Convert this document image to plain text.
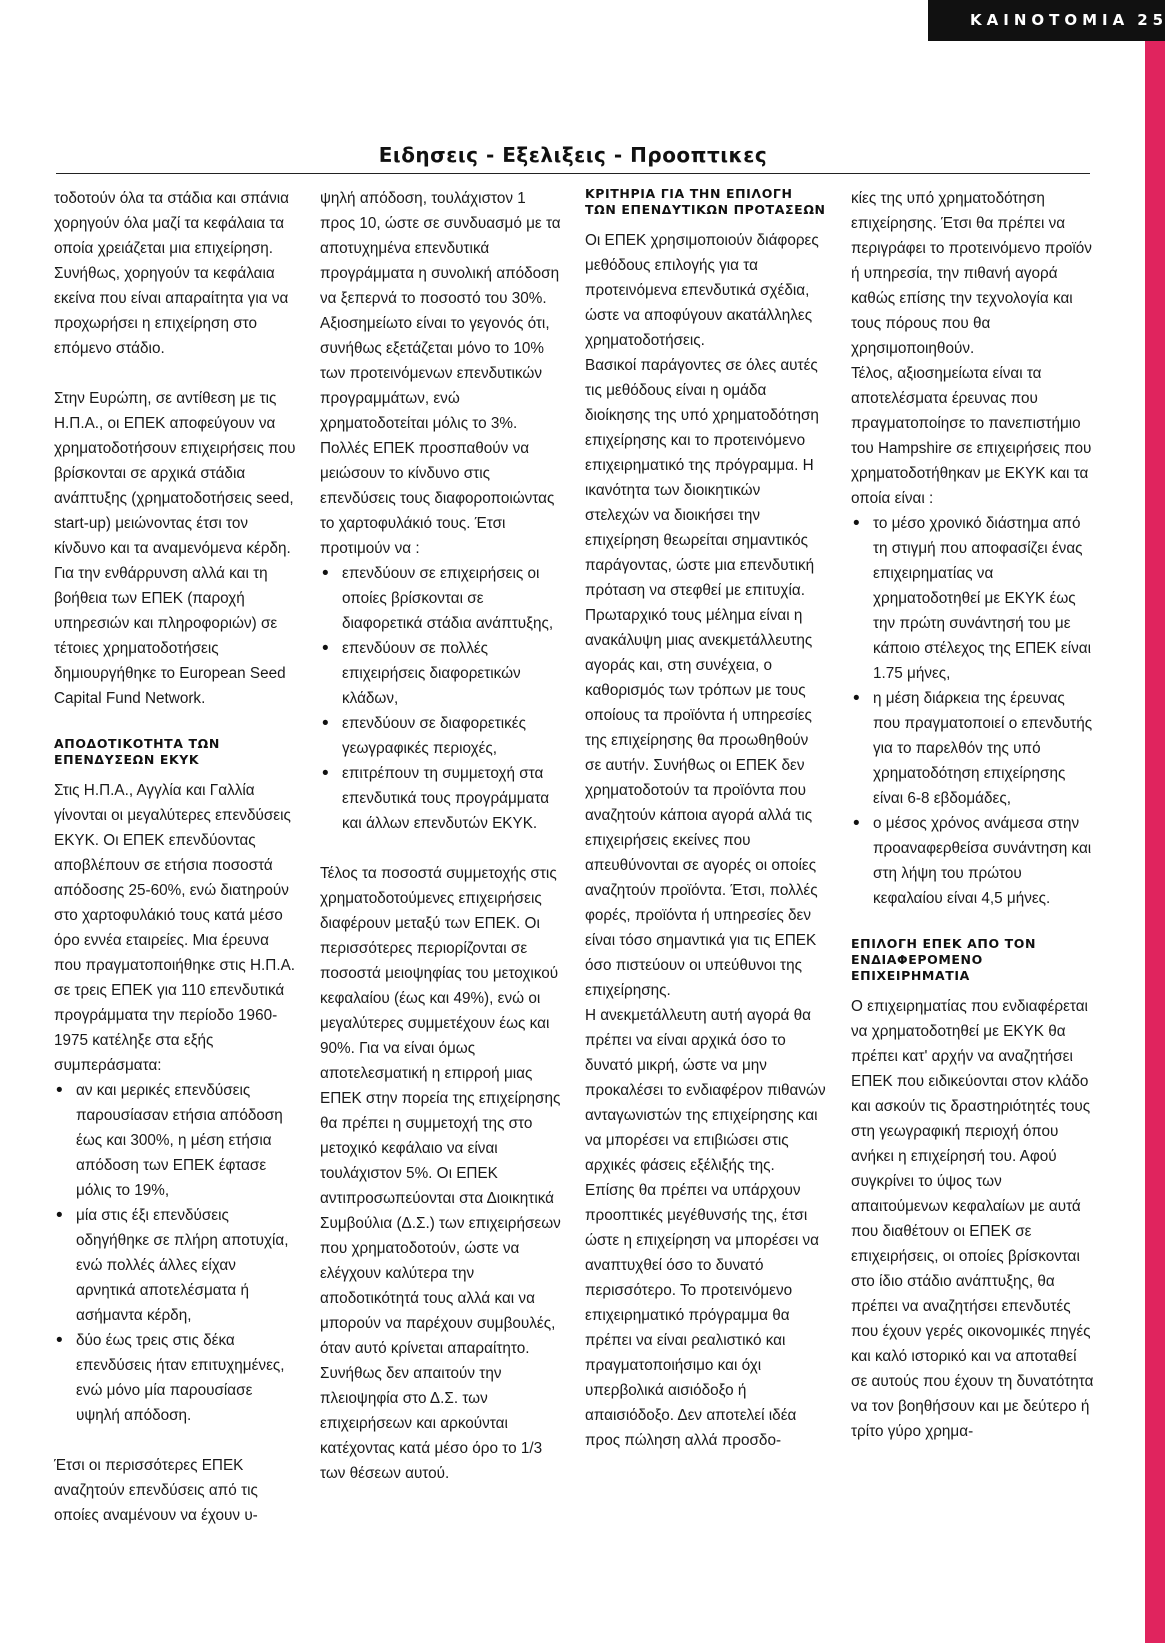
ΚΑΙΝΟΤΟΜΙΑ 25
Ειδησεις - Εξελιξεις - Προοπτικες

τοδοτούν όλα τα στάδια και σπάνια χορηγούν όλα μαζί τα κεφάλαια τα οποία χρειάζεται μια επιχείρηση. Συνήθως, χορηγούν τα κεφάλαια εκείνα που είναι απαραίτητα για να προχωρήσει η επιχείρηση στο επόμενο στάδιο.

Στην Ευρώπη, σε αντίθεση με τις Η.Π.Α., οι ΕΠΕΚ αποφεύγουν να χρηματοδοτήσουν επιχειρήσεις που βρίσκονται σε αρχικά στάδια ανάπτυξης (χρηματοδοτήσεις seed, start-up) μειώνοντας έτσι τον κίνδυνο και τα αναμενόμενα κέρδη. Για την ενθάρρυνση αλλά και τη βοήθεια των ΕΠΕΚ (παροχή υπηρεσιών και πληροφοριών) σε τέτοιες χρηματοδοτήσεις δημιουργήθηκε το European Seed Capital Fund Network.

ΑΠΟΔΟΤΙΚΟΤΗΤΑ ΤΩΝ ΕΠΕΝΔΥΣΕΩΝ ΕΚΥΚ

Στις Η.Π.Α., Αγγλία και Γαλλία γίνονται οι μεγαλύτερες επενδύσεις ΕΚΥΚ. Οι ΕΠΕΚ επενδύοντας αποβλέπουν σε ετήσια ποσοστά απόδοσης 25-60%, ενώ διατηρούν στο χαρτοφυλάκιό τους κατά μέσο όρο εννέα εταιρείες. Μια έρευνα που πραγματοποιήθηκε στις Η.Π.Α. σε τρεις ΕΠΕΚ για 110 επενδυτικά προγράμματα την περίοδο 1960-1975 κατέληξε στα εξής συμπεράσματα:

• αν και μερικές επενδύσεις παρουσίασαν ετήσια απόδοση έως και 300%, η μέση ετήσια απόδοση των ΕΠΕΚ έφτασε μόλις το 19%,
• μία στις έξι επενδύσεις οδηγήθηκε σε πλήρη αποτυχία, ενώ πολλές άλλες είχαν αρνητικά αποτελέσματα ή ασήμαντα κέρδη,
• δύο έως τρεις στις δέκα επενδύσεις ήταν επιτυχημένες, ενώ μόνο μία παρουσίασε υψηλή απόδοση.

Έτσι οι περισσότερες ΕΠΕΚ αναζητούν επενδύσεις από τις οποίες αναμένουν να έχουν υ-

ψηλή απόδοση, τουλάχιστον 1 προς 10, ώστε σε συνδυασμό με τα αποτυχημένα επενδυτικά προγράμματα η συνολική απόδοση να ξεπερνά το ποσοστό του 30%. Αξιοσημείωτο είναι το γεγονός ότι, συνήθως εξετάζεται μόνο το 10% των προτεινόμενων επενδυτικών προγραμμάτων, ενώ χρηματοδοτείται μόλις το 3%.

Πολλές ΕΠΕΚ προσπαθούν να μειώσουν το κίνδυνο στις επενδύσεις τους διαφοροποιώντας το χαρτοφυλάκιό τους. Έτσι προτιμούν να :

• επενδύουν σε επιχειρήσεις οι οποίες βρίσκονται σε διαφορετικά στάδια ανάπτυξης,
• επενδύουν σε πολλές επιχειρήσεις διαφορετικών κλάδων,
• επενδύουν σε διαφορετικές γεωγραφικές περιοχές,
• επιτρέπουν τη συμμετοχή στα επενδυτικά τους προγράμματα και άλλων επενδυτών ΕΚΥΚ.

Τέλος τα ποσοστά συμμετοχής στις χρηματοδοτούμενες επιχειρήσεις διαφέρουν μεταξύ των ΕΠΕΚ. Οι περισσότερες περιορίζονται σε ποσοστά μειοψηφίας του μετοχικού κεφαλαίου (έως και 49%), ενώ οι μεγαλύτερες συμμετέχουν έως και 90%. Για να είναι όμως αποτελεσματική η επιρροή μιας ΕΠΕΚ στην πορεία της επιχείρησης θα πρέπει η συμμετοχή της στο μετοχικό κεφάλαιο να είναι τουλάχιστον 5%. Οι ΕΠΕΚ αντιπροσωπεύονται στα Διοικητικά Συμβούλια (Δ.Σ.) των επιχειρήσεων που χρηματοδοτούν, ώστε να ελέγχουν καλύτερα την αποδοτικότητά τους αλλά και να μπορούν να παρέχουν συμβουλές, όταν αυτό κρίνεται απαραίτητο. Συνήθως δεν απαιτούν την πλειοψηφία στο Δ.Σ. των επιχειρήσεων και αρκούνται κατέχοντας κατά μέσο όρο το 1/3 των θέσεων αυτού.

ΚΡΙΤΗΡΙΑ ΓΙΑ ΤΗΝ ΕΠΙΛΟΓΗ ΤΩΝ ΕΠΕΝΔΥΤΙΚΩΝ ΠΡΟΤΑΣΕΩΝ

Οι ΕΠΕΚ χρησιμοποιούν διάφορες μεθόδους επιλογής για τα προτεινόμενα επενδυτικά σχέδια, ώστε να αποφύγουν ακατάλληλες χρηματοδοτήσεις.

Βασικοί παράγοντες σε όλες αυτές τις μεθόδους είναι η ομάδα διοίκησης της υπό χρηματοδότηση επιχείρησης και το προτεινόμενο επιχειρηματικό της πρόγραμμα. Η ικανότητα των διοικητικών στελεχών να διοικήσει την επιχείρηση θεωρείται σημαντικός παράγοντας, ώστε μια επενδυτική πρόταση να στεφθεί με επιτυχία. Πρωταρχικό τους μέλημα είναι η ανακάλυψη μιας ανεκμετάλλευτης αγοράς και, στη συνέχεια, ο καθορισμός των τρόπων με τους οποίους τα προϊόντα ή υπηρεσίες της επιχείρησης θα προωθηθούν σε αυτήν. Συνήθως οι ΕΠΕΚ δεν χρηματοδοτούν τα προϊόντα που αναζητούν κάποια αγορά αλλά τις επιχειρήσεις εκείνες που απευθύνονται σε αγορές οι οποίες αναζητούν προϊόντα. Έτσι, πολλές φορές, προϊόντα ή υπηρεσίες δεν είναι τόσο σημαντικά για τις ΕΠΕΚ όσο πιστεύουν οι υπεύθυνοι της επιχείρησης.

Η ανεκμετάλλευτη αυτή αγορά θα πρέπει να είναι αρχικά όσο το δυνατό μικρή, ώστε να μην προκαλέσει το ενδιαφέρον πιθανών ανταγωνιστών της επιχείρησης και να μπορέσει να επιβιώσει στις αρχικές φάσεις εξέλιξής της. Επίσης θα πρέπει να υπάρχουν προοπτικές μεγέθυνσής της, έτσι ώστε η επιχείρηση να μπορέσει να αναπτυχθεί όσο το δυνατό περισσότερο. Το προτεινόμενο επιχειρηματικό πρόγραμμα θα πρέπει να είναι ρεαλιστικό και πραγματοποιήσιμο και όχι υπερβολικά αισιόδοξο ή απαισιόδοξο. Δεν αποτελεί ιδέα προς πώληση αλλά προσδο-

κίες της υπό χρηματοδότηση επιχείρησης. Έτσι θα πρέπει να περιγράφει το προτεινόμενο προϊόν ή υπηρεσία, την πιθανή αγορά καθώς επίσης την τεχνολογία και τους πόρους που θα χρησιμοποιηθούν.

Τέλος, αξιοσημείωτα είναι τα αποτελέσματα έρευνας που πραγματοποίησε το πανεπιστήμιο του Hampshire σε επιχειρήσεις που χρηματοδοτήθηκαν με ΕΚΥΚ και τα οποία είναι :

• το μέσο χρονικό διάστημα από τη στιγμή που αποφασίζει ένας επιχειρηματίας να χρηματοδοτηθεί με ΕΚΥΚ έως την πρώτη συνάντησή του με κάποιο στέλεχος της ΕΠΕΚ είναι 1.75 μήνες,
• η μέση διάρκεια της έρευνας που πραγματοποιεί ο επενδυτής για το παρελθόν της υπό χρηματοδότηση επιχείρησης είναι 6-8 εβδομάδες,
• ο μέσος χρόνος ανάμεσα στην προαναφερθείσα συνάντηση και στη λήψη του πρώτου κεφαλαίου είναι 4,5 μήνες.
ΕΠΙΛΟΓΗ ΕΠΕΚ ΑΠΟ ΤΟΝ ΕΝΔΙΑΦΕΡΟΜΕΝΟ ΕΠΙΧΕΙΡΗΜΑΤΙΑ

Ο επιχειρηματίας που ενδιαφέρεται να χρηματοδοτηθεί με ΕΚΥΚ θα πρέπει κατ' αρχήν να αναζητήσει ΕΠΕΚ που ειδικεύονται στον κλάδο και ασκούν τις δραστηριότητές τους στη γεωγραφική περιοχή όπου ανήκει η επιχείρησή του. Αφού συγκρίνει το ύψος των απαιτούμενων κεφαλαίων με αυτά που διαθέτουν οι ΕΠΕΚ σε επιχειρήσεις, οι οποίες βρίσκονται στο ίδιο στάδιο ανάπτυξης, θα πρέπει να αναζητήσει επενδυτές που έχουν γερές οικονομικές πηγές και καλό ιστορικό και να αποταθεί σε αυτούς που έχουν τη δυνατότητα να τον βοηθήσουν και με δεύτερο ή τρίτο γύρο χρημα-
